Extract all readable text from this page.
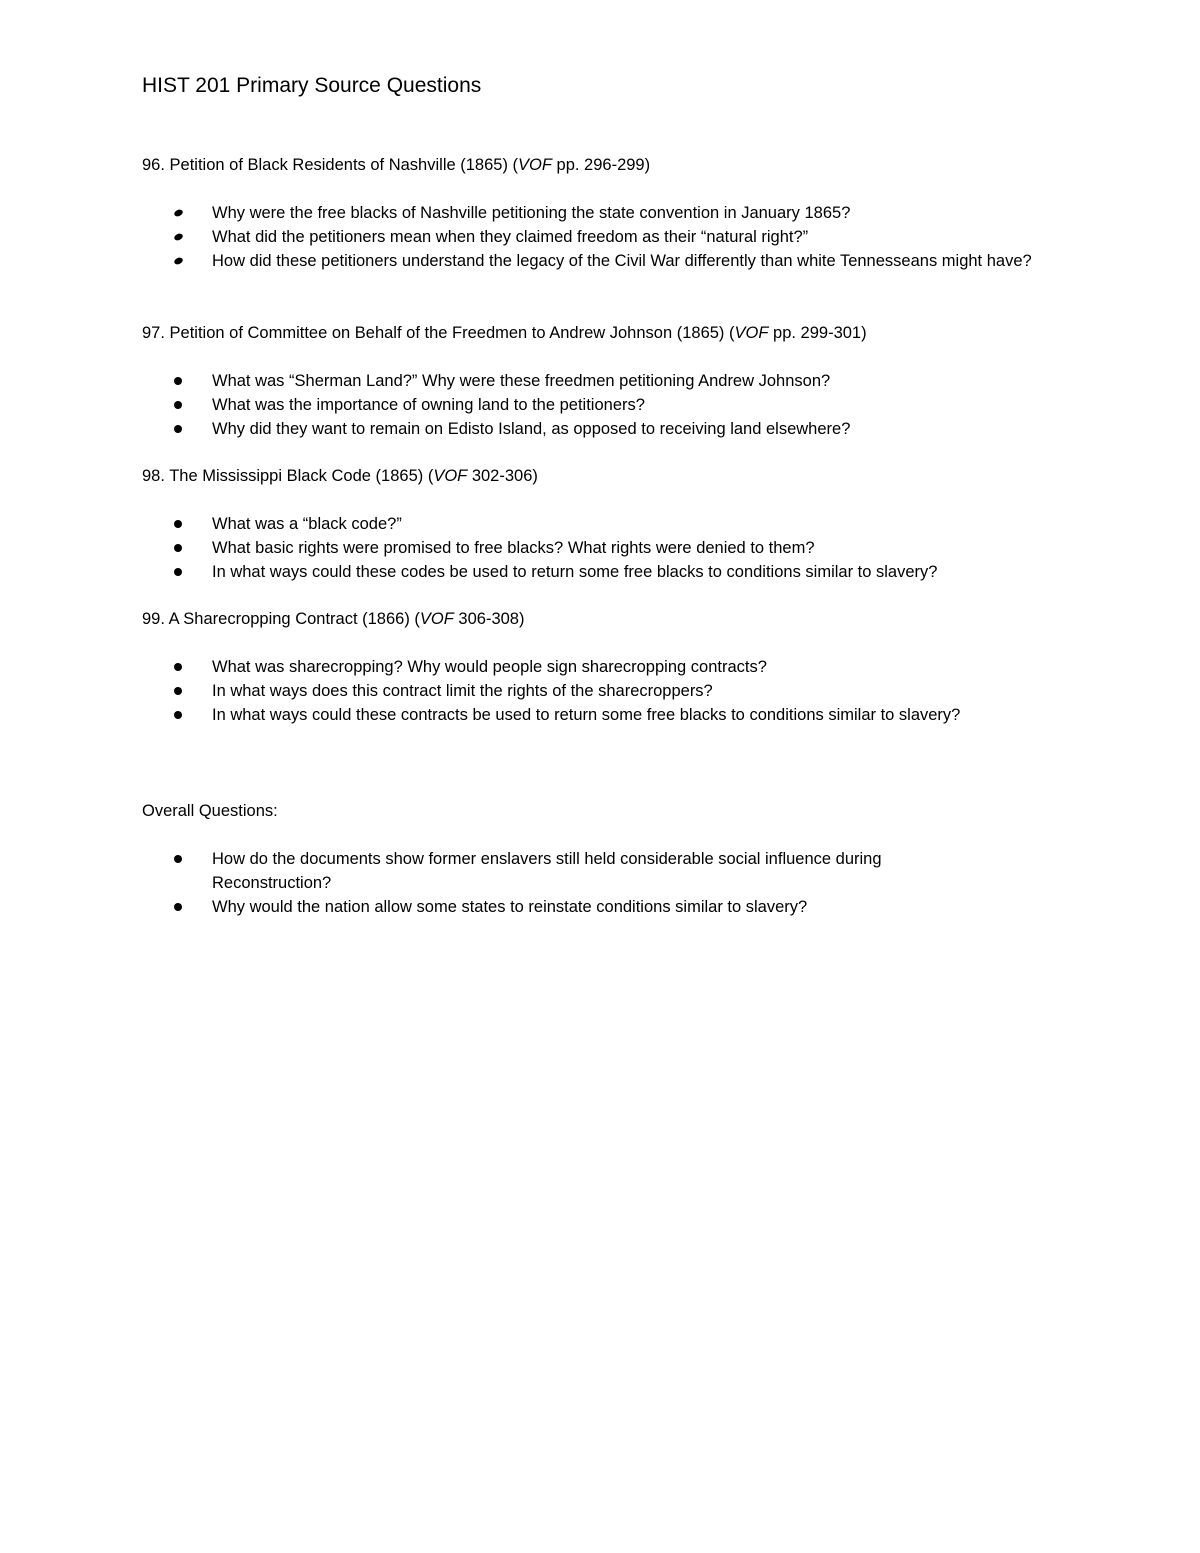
HIST 201 Primary Source Questions
96. Petition of Black Residents of Nashville (1865) (VOF pp. 296-299)
Why were the free blacks of Nashville petitioning the state convention in January 1865?
What did the petitioners mean when they claimed freedom as their “natural right?”
How did these petitioners understand the legacy of the Civil War differently than white Tennesseans might have?
97. Petition of Committee on Behalf of the Freedmen to Andrew Johnson (1865) (VOF pp. 299-301)
What was “Sherman Land?” Why were these freedmen petitioning Andrew Johnson?
What was the importance of owning land to the petitioners?
Why did they want to remain on Edisto Island, as opposed to receiving land elsewhere?
98. The Mississippi Black Code (1865) (VOF 302-306)
What was a “black code?”
What basic rights were promised to free blacks? What rights were denied to them?
In what ways could these codes be used to return some free blacks to conditions similar to slavery?
99. A Sharecropping Contract (1866) (VOF 306-308)
What was sharecropping? Why would people sign sharecropping contracts?
In what ways does this contract limit the rights of the sharecroppers?
In what ways could these contracts be used to return some free blacks to conditions similar to slavery?
Overall Questions:
How do the documents show former enslavers still held considerable social influence during Reconstruction?
Why would the nation allow some states to reinstate conditions similar to slavery?
